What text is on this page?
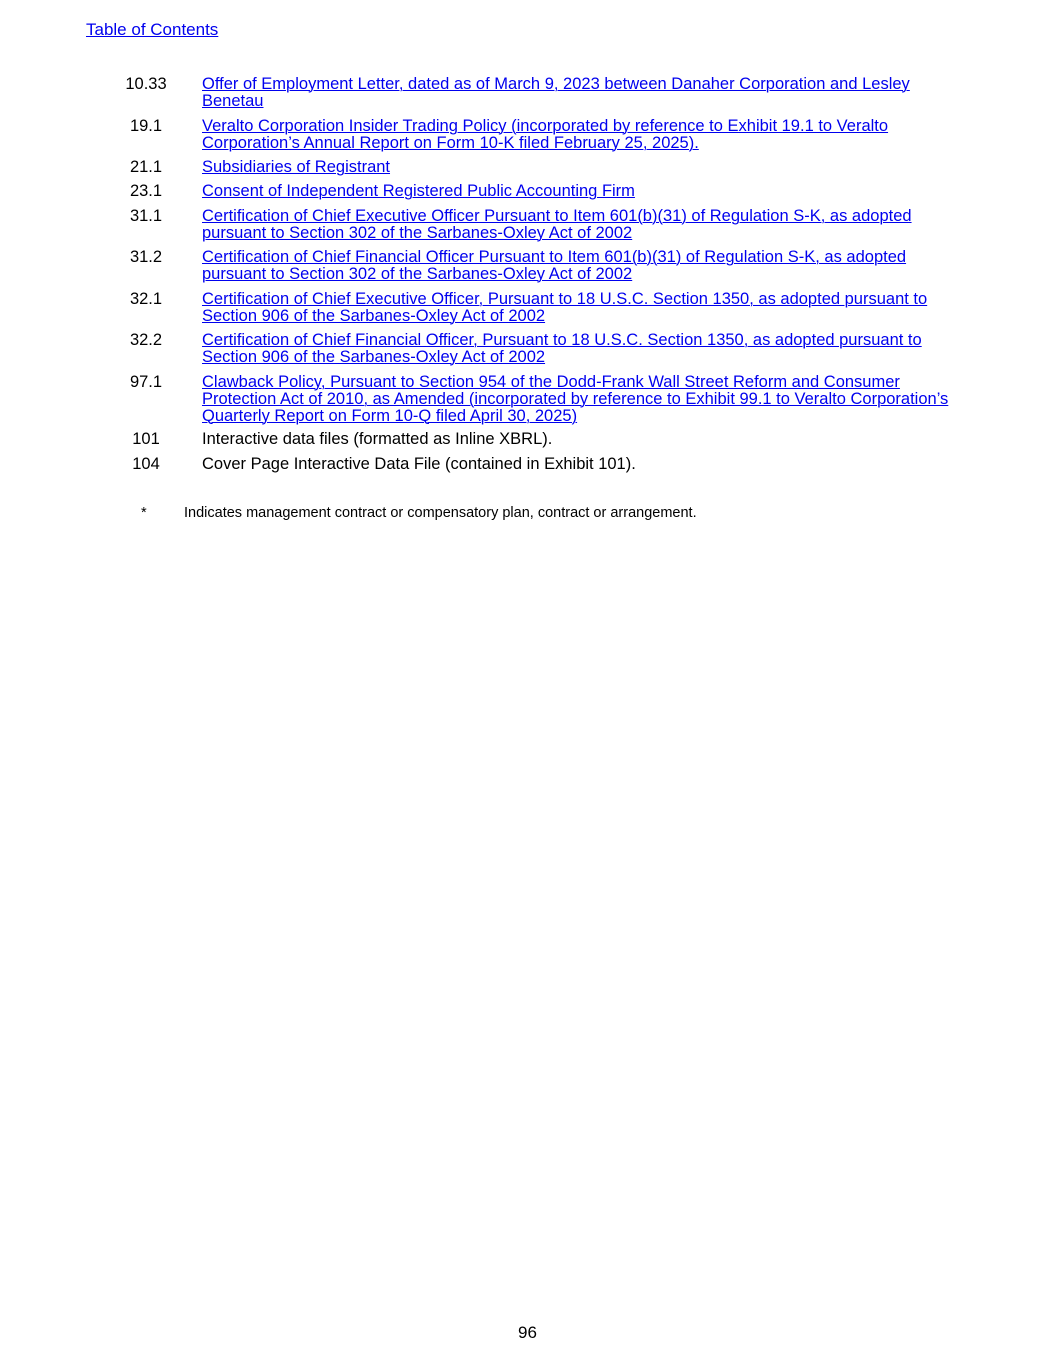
Table of Contents
10.33	Offer of Employment Letter, dated as of March 9, 2023 between Danaher Corporation and Lesley Benetau
19.1	Veralto Corporation Insider Trading Policy (incorporated by reference to Exhibit 19.1 to Veralto Corporation’s Annual Report on Form 10-K filed February 25, 2025).
21.1	Subsidiaries of Registrant
23.1	Consent of Independent Registered Public Accounting Firm
31.1	Certification of Chief Executive Officer Pursuant to Item 601(b)(31) of Regulation S-K, as adopted pursuant to Section 302 of the Sarbanes-Oxley Act of 2002
31.2	Certification of Chief Financial Officer Pursuant to Item 601(b)(31) of Regulation S-K, as adopted pursuant to Section 302 of the Sarbanes-Oxley Act of 2002
32.1	Certification of Chief Executive Officer, Pursuant to 18 U.S.C. Section 1350, as adopted pursuant to Section 906 of the Sarbanes-Oxley Act of 2002
32.2	Certification of Chief Financial Officer, Pursuant to 18 U.S.C. Section 1350, as adopted pursuant to Section 906 of the Sarbanes-Oxley Act of 2002
97.1	Clawback Policy, Pursuant to Section 954 of the Dodd-Frank Wall Street Reform and Consumer Protection Act of 2010, as Amended (incorporated by reference to Exhibit 99.1 to Veralto Corporation’s Quarterly Report on Form 10-Q filed April 30, 2025)
101	Interactive data files (formatted as Inline XBRL).
104	Cover Page Interactive Data File (contained in Exhibit 101).
*	Indicates management contract or compensatory plan, contract or arrangement.
96
